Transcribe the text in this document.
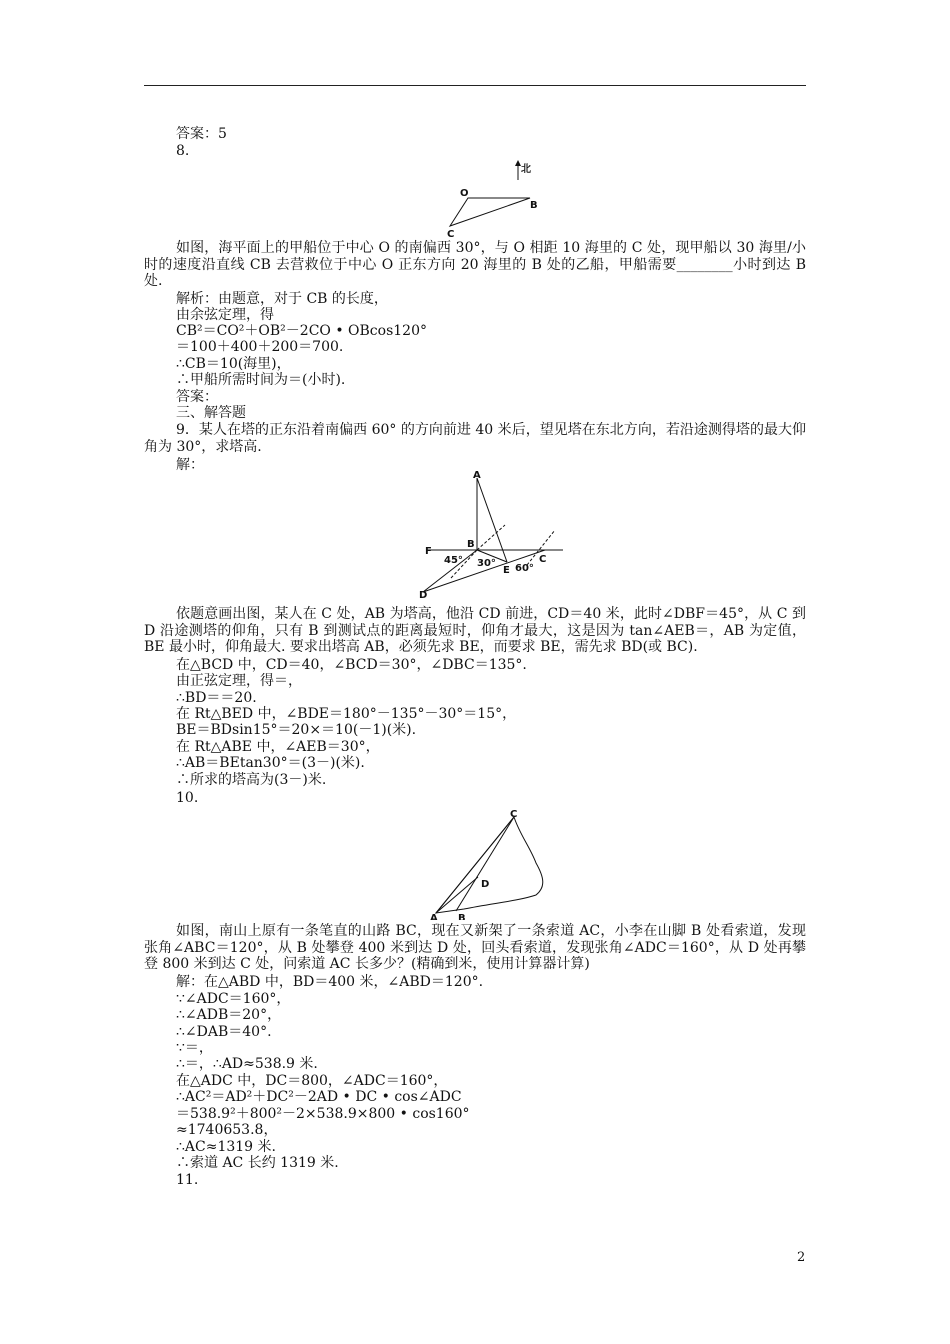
答案：5
8.
北
O
B
C
如图，海平面上的甲船位于中心 O 的南偏西 30°，与 O 相距 10 海里的 C 处，现甲船以 30 海里/小时的速度沿直线 CB 去营救位于中心 O 正东方向 20 海里的 B 处的乙船，甲船需要________小时到达 B 处.
解析：由题意，对于 CB 的长度，
由余弦定理，得
CB²＝CO²＋OB²－2CO • OBcos120°
＝100＋400＋200＝700.
∴CB＝10(海里)，
∴甲船所需时间为＝(小时).
答案：
三、解答题
9．某人在塔的正东沿着南偏西 60° 的方向前进 40 米后，望见塔在东北方向，若沿途测得塔的最大仰角为 30°，求塔高.
解：
A
B
C
D
E
F
45° 30° 60°
依题意画出图，某人在 C 处，AB 为塔高，他沿 CD 前进，CD＝40 米，此时∠DBF＝45°，从 C 到 D 沿途测塔的仰角，只有 B 到测试点的距离最短时，仰角才最大，这是因为 tan∠AEB＝，AB 为定值，BE 最小时，仰角最大. 要求出塔高 AB，必须先求 BE，而要求 BE，需先求 BD(或 BC).
在△BCD 中，CD＝40，∠BCD＝30°，∠DBC＝135°.
由正弦定理，得＝，
∴BD＝＝20.
在 Rt△BED 中，∠BDE＝180°－135°－30°＝15°，
BE＝BDsin15°＝20×＝10(－1)(米).
在 Rt△ABE 中，∠AEB＝30°，
∴AB＝BEtan30°＝(3－)(米).
∴所求的塔高为(3－)米.
10.
C
D
A B
如图，南山上原有一条笔直的山路 BC，现在又新架了一条索道 AC，小李在山脚 B 处看索道，发现张角∠ABC＝120°，从 B 处攀登 400 米到达 D 处，回头看索道，发现张角∠ADC＝160°，从 D 处再攀登 800 米到达 C 处，问索道 AC 长多少？(精确到米，使用计算器计算)
解：在△ABD 中，BD＝400 米，∠ABD＝120°.
∵∠ADC＝160°，
∴∠ADB＝20°，
∴∠DAB＝40°.
∵＝，
∴＝，∴AD≈538.9 米.
在△ADC 中，DC＝800，∠ADC＝160°，
∴AC²＝AD²＋DC²－2AD • DC • cos∠ADC
＝538.9²＋800²－2×538.9×800 • cos160°
≈1740653.8，
∴AC≈1319 米.
∴索道 AC 长约 1319 米.
11.
2
